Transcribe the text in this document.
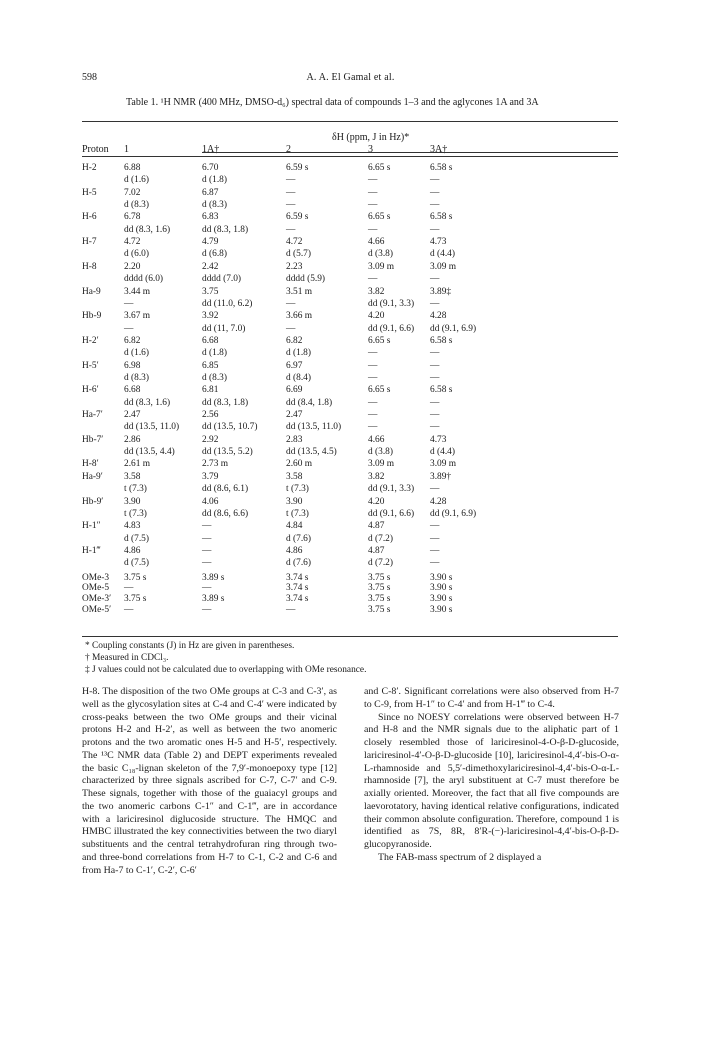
598	A. A. El Gamal et al.
Table 1. ¹H NMR (400 MHz, DMSO-d₆) spectral data of compounds 1–3 and the aglycones 1A and 3A
δH (ppm, J in Hz)*
Proton 1	1A†	2	3	3A†
H-2	6.88	6.70	6.59 s	6.65 s	6.58 s
d (1.6)	d (1.8)	—	—	—
H-5	7.02	6.87	—	—	—
d (8.3)	d (8.3)	—	—	—
H-6	6.78	6.83	6.59 s	6.65 s	6.58 s
dd (8.3, 1.6)	dd (8.3, 1.8)	—	—	—
H-7	4.72	4.79	4.72	4.66	4.73
d (6.0)	d (6.8)	d (5.7)	d (3.8)	d (4.4)
H-8	2.20	2.42	2.23	3.09 m	3.09 m
dddd (6.0)	dddd (7.0)	dddd (5.9)	—	—
Ha-9 3.44 m	3.75	3.51 m	3.82	3.89‡
—	dd (11.0, 6.2)	—	dd (9.1, 3.3) —
Hb-9 3.67 m	3.92	3.66 m	4.20	4.28
—	dd (11, 7.0)	—	dd (9.1, 6.6) dd (9.1, 6.9)
H-2′	6.82	6.68	6.82	6.65 s	6.58 s
d (1.6)	d (1.8)	d (1.8)	—	—
H-5′	6.98	6.85	6.97	—	—
d (8.3)	d (8.3)	d (8.4)	—	—
H-6′	6.68	6.81	6.69	6.65 s	6.58 s
dd (8.3, 1.6)	dd (8.3, 1.8)	dd (8.4, 1.8)	—	—
Ha-7′ 2.47	2.56	2.47	—	—
dd (13.5, 11.0) dd (13.5, 10.7)	dd (13.5, 11.0)	—	—
Hb-7′ 2.86	2.92	2.83	4.66	4.73
dd (13.5, 4.4)	dd (13.5, 5.2)	dd (13.5, 4.5)	d (3.8)	d (4.4)
H-8′	2.61 m	2.73 m	2.60 m	3.09 m	3.09 m
Ha-9′ 3.58	3.79	3.58	3.82	3.89†
t (7.3)	dd (8.6, 6.1)	t (7.3)	dd (9.1, 3.3) —
Hb-9′ 3.90	4.06	3.90	4.20	4.28
t (7.3)	dd (8.6, 6.6)	t (7.3)	dd (9.1, 6.6) dd (9.1, 6.9)
H-1″	4.83	—	4.84	4.87	—
d (7.5)	—	d (7.6)	d (7.2)	—
H-1‴	4.86	—	4.86	4.87	—
d (7.5)	—	d (7.6)	d (7.2)	—
OMe-3 3.75 s	3.89 s	3.74 s	3.75 s	3.90 s
OMe-5 —	—	3.74 s	3.75 s	3.90 s
OMe-3′ 3.75 s	3.89 s	3.74 s	3.75 s	3.90 s
OMe-5′ —	—	—	3.75 s	3.90 s
* Coupling constants (J) in Hz are given in parentheses.
† Measured in CDCl₃.
‡ J values could not be calculated due to overlapping with OMe resonance.

H-8. The disposition of the two OMe groups at C-3 and C-3′, as well as the glycosylation sites at C-4 and C-4′ were indicated by cross-peaks between the two OMe groups and their vicinal protons H-2 and H-2′, as well as between the two anomeric protons and the two aromatic ones H-5 and H-5′, respectively. The ¹³C NMR data (Table 2) and DEPT experiments revealed the basic C₁₈-lignan skeleton of the 7,9′-monoepoxy type [12] characterized by three signals ascribed for C-7, C-7′ and C-9. These signals, together with those of the guaiacyl groups and the two anomeric carbons C-1″ and C-1‴, are in accordance with a lariciresinol diglucoside structure. The HMQC and HMBC illustrated the key connectivities between the two diaryl substituents and the central tetrahydrofuran ring through two- and three-bond correlations from H-7 to C-1, C-2 and C-6 and from Ha-7 to C-1′, C-2′, C-6′

and C-8′. Significant correlations were also observed from H-7 to C-9, from H-1″ to C-4′ and from H-1‴ to C-4.

Since no NOESY correlations were observed between H-7 and H-8 and the NMR signals due to the aliphatic part of 1 closely resembled those of lariciresinol-4-O-β-D-glucoside, lariciresinol-4′-O-β-D-glucoside [10], lariciresinol-4,4′-bis-O-α-L-rhamnoside and 5,5′-dimethoxylariciresinol-4,4′-bis-O-α-L-rhamnoside [7], the aryl substituent at C-7 must therefore be axially oriented. Moreover, the fact that all five compounds are laevorotatory, having identical relative configurations, indicated their common absolute configuration. Therefore, compound 1 is identified as 7S, 8R, 8′R-(−)-lariciresinol-4,4′-bis-O-β-D-glucopyranoside.

The FAB-mass spectrum of 2 displayed a
